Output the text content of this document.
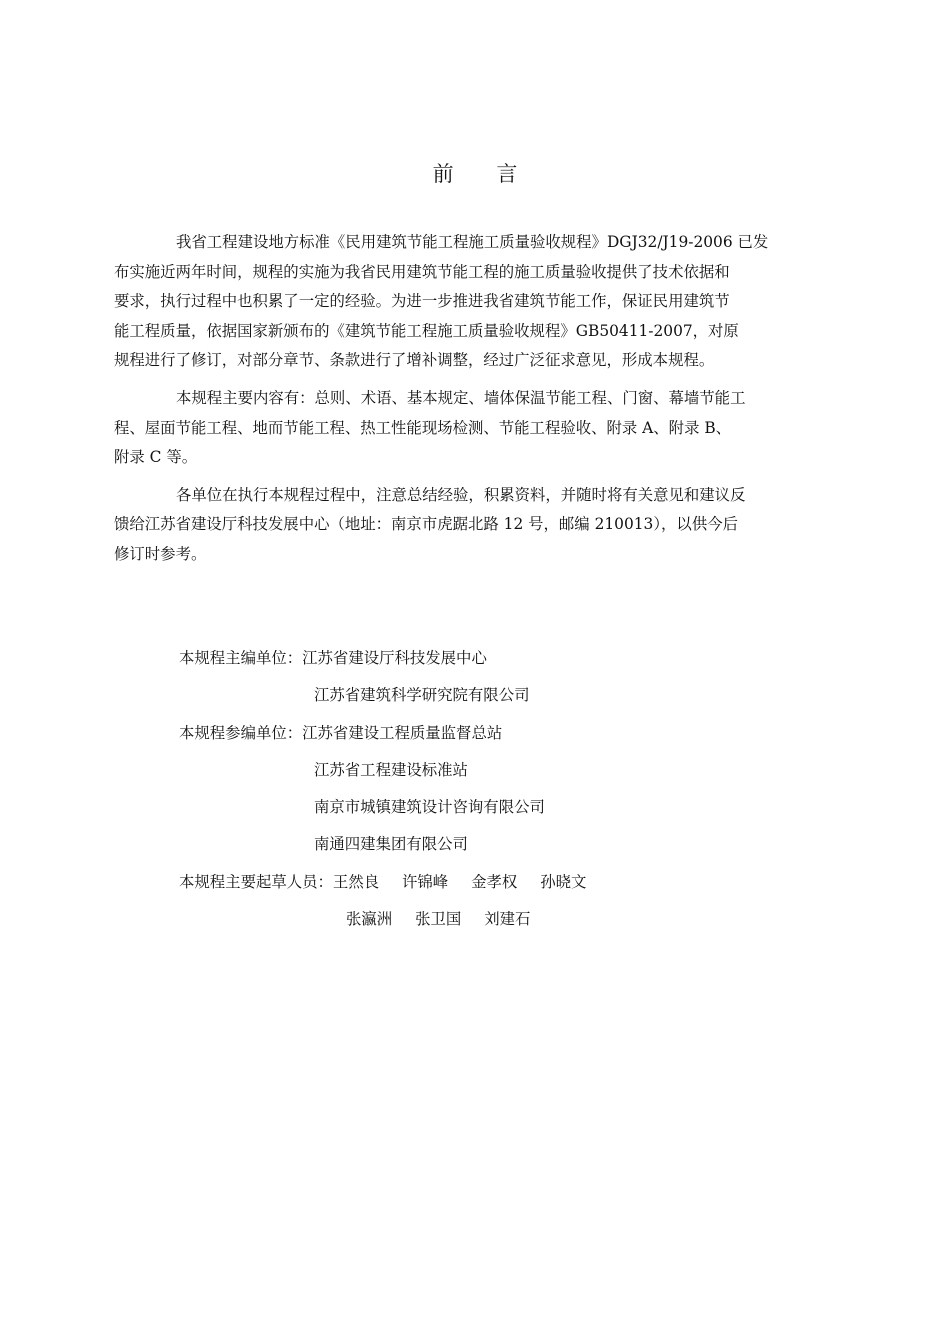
前 言

我省工程建设地方标准《民用建筑节能工程施工质量验收规程》DGJ32/J19-2006 已发
布实施近两年时间，规程的实施为我省民用建筑节能工程的施工质量验收提供了技术依据和
要求，执行过程中也积累了一定的经验。为进一步推进我省建筑节能工作，保证民用建筑节
能工程质量，依据国家新颁布的《建筑节能工程施工质量验收规程》GB50411-2007，对原
规程进行了修订，对部分章节、条款进行了增补调整，经过广泛征求意见，形成本规程。

本规程主要内容有：总则、术语、基本规定、墙体保温节能工程、门窗、幕墙节能工
程、屋面节能工程、地而节能工程、热工性能现场检测、节能工程验收、附录 A、附录 B、
附录 C 等。

各单位在执行本规程过程中，注意总结经验，积累资料，并随时将有关意见和建议反
馈给江苏省建设厅科技发展中心（地址：南京市虎踞北路 12 号，邮编 210013），以供今后
修订时参考。

本规程主编单位： 江苏省建设厅科技发展中心
江苏省建筑科学研究院有限公司
本规程参编单位： 江苏省建设工程质量监督总站
江苏省工程建设标准站
南京市城镇建筑设计咨询有限公司
南通四建集团有限公司
本规程主要起草人员： 王然良 许锦峰 金孝权 孙晓文
张瀛洲 张卫国 刘建石
